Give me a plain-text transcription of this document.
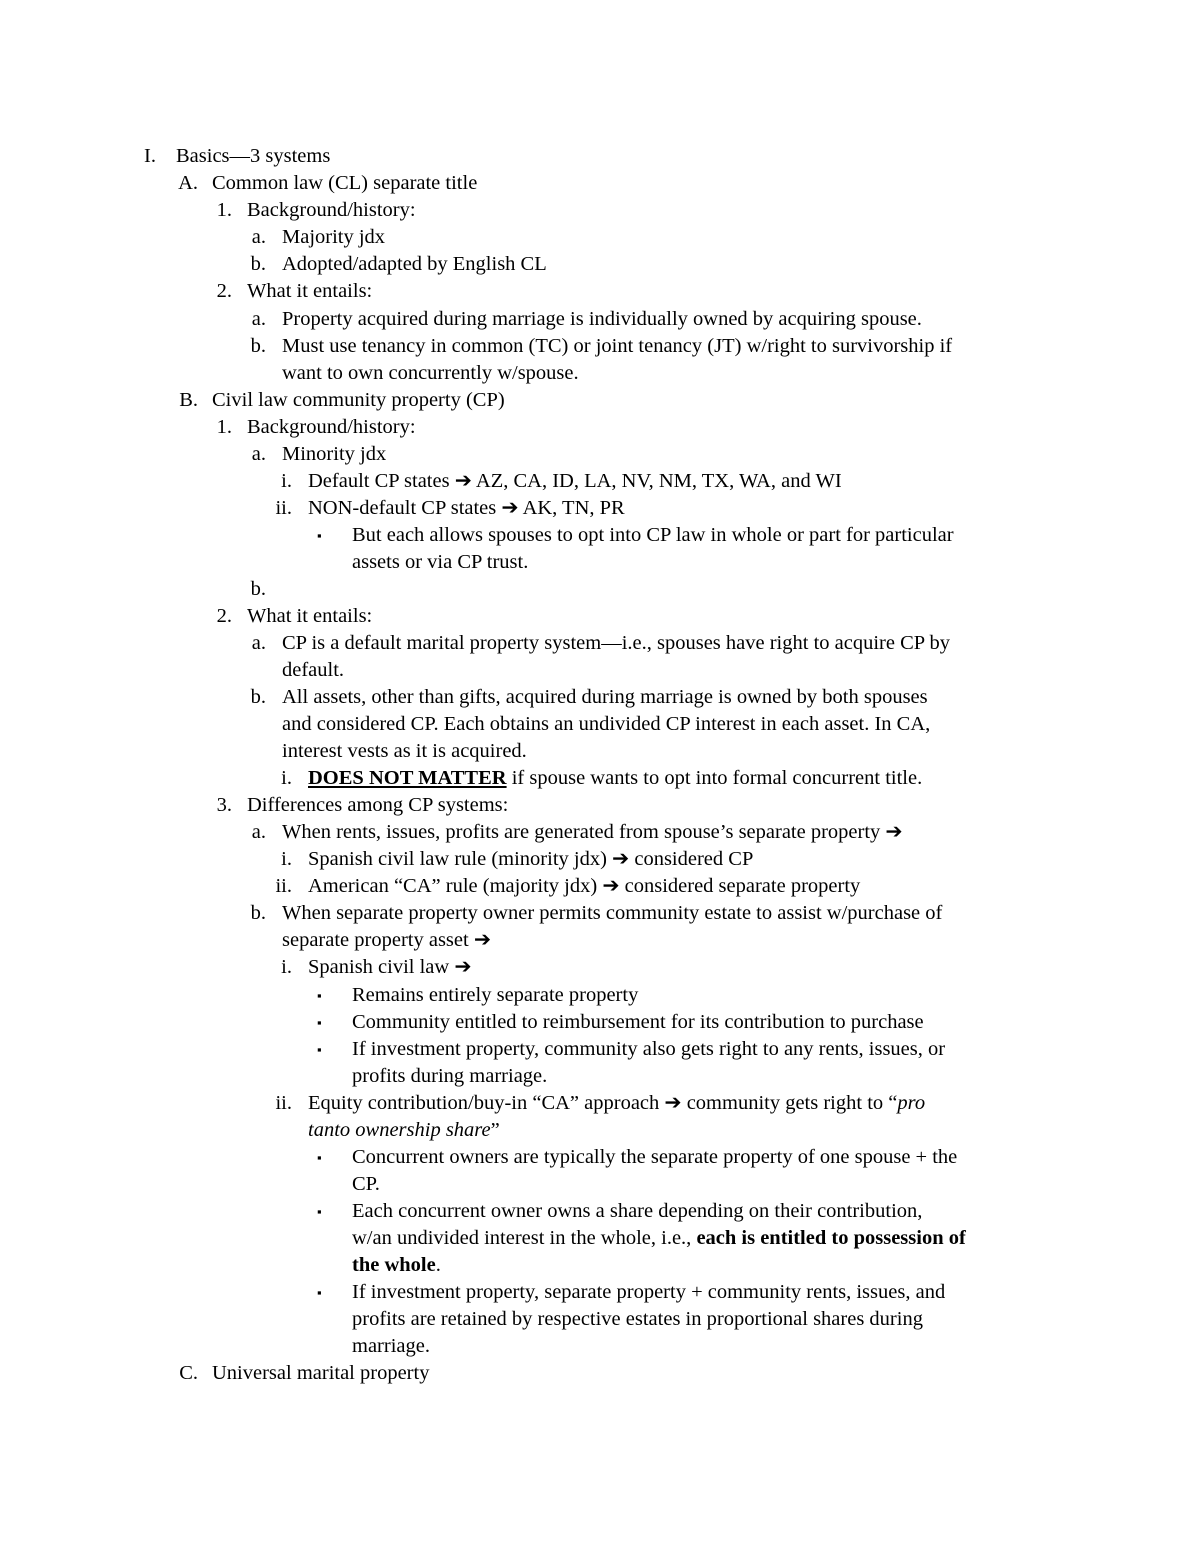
I. Basics—3 systems
A. Common law (CL) separate title
1. Background/history:
a. Majority jdx
b. Adopted/adapted by English CL
2. What it entails:
a. Property acquired during marriage is individually owned by acquiring spouse.
b. Must use tenancy in common (TC) or joint tenancy (JT) w/right to survivorship if
want to own concurrently w/spouse.
B. Civil law community property (CP)
1. Background/history:
a. Minority jdx
i. Default CP states ➔ AZ, CA, ID, LA, NV, NM, TX, WA, and WI
ii. NON-default CP states ➔ AK, TN, PR
▪ But each allows spouses to opt into CP law in whole or part for particular
assets or via CP trust.
b.
2. What it entails:
a. CP is a default marital property system—i.e., spouses have right to acquire CP by
default.
b. All assets, other than gifts, acquired during marriage is owned by both spouses
and considered CP. Each obtains an undivided CP interest in each asset. In CA,
interest vests as it is acquired.
i. DOES NOT MATTER if spouse wants to opt into formal concurrent title.
3. Differences among CP systems:
a. When rents, issues, profits are generated from spouse’s separate property ➔
i. Spanish civil law rule (minority jdx) ➔ considered CP
ii. American “CA” rule (majority jdx) ➔ considered separate property
b. When separate property owner permits community estate to assist w/purchase of
separate property asset ➔
i. Spanish civil law ➔
▪ Remains entirely separate property
▪ Community entitled to reimbursement for its contribution to purchase
▪ If investment property, community also gets right to any rents, issues, or
profits during marriage.
ii. Equity contribution/buy-in “CA” approach ➔ community gets right to “pro
tanto ownership share”
▪ Concurrent owners are typically the separate property of one spouse + the
CP.
▪ Each concurrent owner owns a share depending on their contribution,
w/an undivided interest in the whole, i.e., each is entitled to possession of
the whole.
▪ If investment property, separate property + community rents, issues, and
profits are retained by respective estates in proportional shares during
marriage.
C. Universal marital property
